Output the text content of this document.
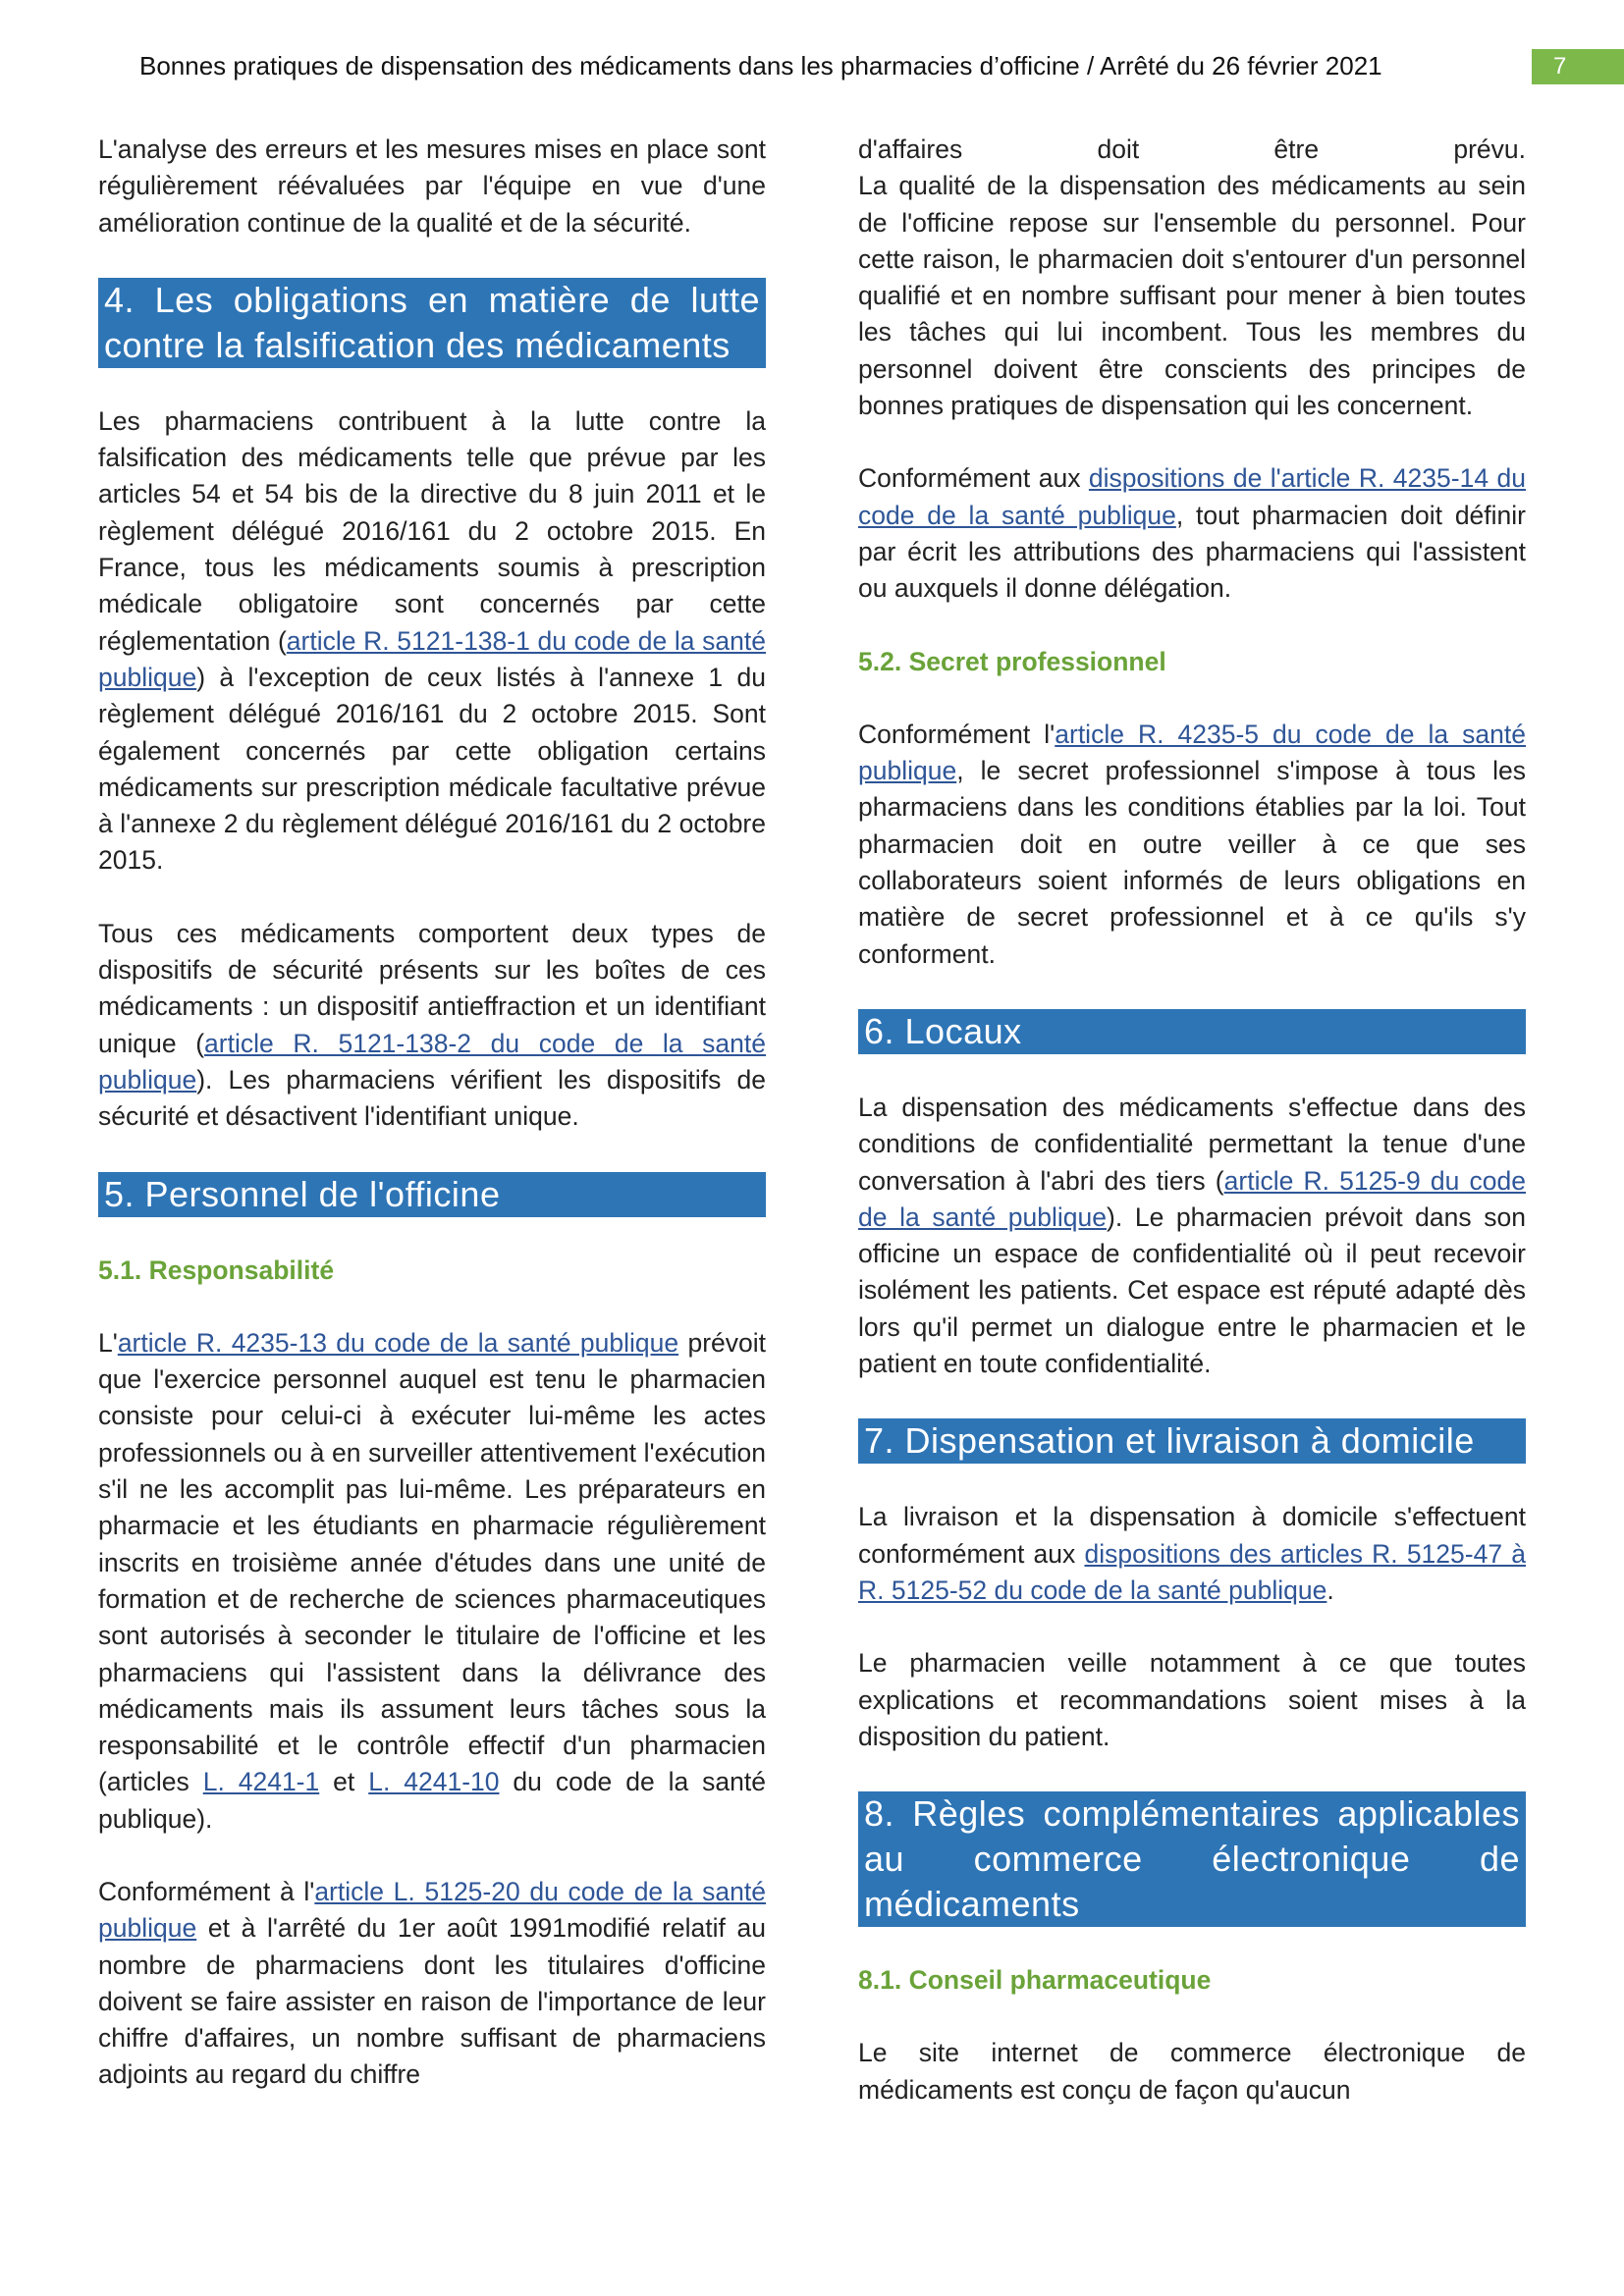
Bonnes pratiques de dispensation des médicaments dans les pharmacies d’officine / Arrêté du 26 février 2021	7

L'analyse des erreurs et les mesures mises en place sont régulièrement réévaluées par l'équipe en vue d'une amélioration continue de la qualité et de la sécurité.

4. Les obligations en matière de lutte contre la falsification des médicaments

Les pharmaciens contribuent à la lutte contre la falsification des médicaments telle que prévue par les articles 54 et 54 bis de la directive du 8 juin 2011 et le règlement délégué 2016/161 du 2 octobre 2015. En France, tous les médicaments soumis à prescription médicale obligatoire sont concernés par cette réglementation (article R. 5121-138-1 du code de la santé publique) à l'exception de ceux listés à l'annexe 1 du règlement délégué 2016/161 du 2 octobre 2015. Sont également concernés par cette obligation certains médicaments sur prescription médicale facultative prévue à l'annexe 2 du règlement délégué 2016/161 du 2 octobre 2015.

Tous ces médicaments comportent deux types de dispositifs de sécurité présents sur les boîtes de ces médicaments : un dispositif antieffraction et un identifiant unique (article R. 5121-138-2 du code de la santé publique). Les pharmaciens vérifient les dispositifs de sécurité et désactivent l'identifiant unique.

5. Personnel de l'officine
5.1. Responsabilité

L'article R. 4235-13 du code de la santé publique prévoit que l'exercice personnel auquel est tenu le pharmacien consiste pour celui-ci à exécuter lui-même les actes professionnels ou à en surveiller attentivement l'exécution s'il ne les accomplit pas lui-même. Les préparateurs en pharmacie et les étudiants en pharmacie régulièrement inscrits en troisième année d'études dans une unité de formation et de recherche de sciences pharmaceutiques sont autorisés à seconder le titulaire de l'officine et les pharmaciens qui l'assistent dans la délivrance des médicaments mais ils assument leurs tâches sous la responsabilité et le contrôle effectif d'un pharmacien (articles L. 4241-1 et L. 4241-10 du code de la santé publique).

Conformément à l'article L. 5125-20 du code de la santé publique et à l'arrêté du 1er août 1991modifié relatif au nombre de pharmaciens dont les titulaires d'officine doivent se faire assister en raison de l'importance de leur chiffre d'affaires, un nombre suffisant de pharmaciens adjoints au regard du chiffre

d'affaires doit être prévu.

La qualité de la dispensation des médicaments au sein de l'officine repose sur l'ensemble du personnel. Pour cette raison, le pharmacien doit s'entourer d'un personnel qualifié et en nombre suffisant pour mener à bien toutes les tâches qui lui incombent. Tous les membres du personnel doivent être conscients des principes de bonnes pratiques de dispensation qui les concernent.

Conformément aux dispositions de l'article R. 4235-14 du code de la santé publique, tout pharmacien doit définir par écrit les attributions des pharmaciens qui l'assistent ou auxquels il donne délégation.

5.2. Secret professionnel

Conformément l'article R. 4235-5 du code de la santé publique, le secret professionnel s'impose à tous les pharmaciens dans les conditions établies par la loi. Tout pharmacien doit en outre veiller à ce que ses collaborateurs soient informés de leurs obligations en matière de secret professionnel et à ce qu'ils s'y conforment.

6. Locaux

La dispensation des médicaments s'effectue dans des conditions de confidentialité permettant la tenue d'une conversation à l'abri des tiers (article R. 5125-9 du code de la santé publique). Le pharmacien prévoit dans son officine un espace de confidentialité où il peut recevoir isolément les patients. Cet espace est réputé adapté dès lors qu'il permet un dialogue entre le pharmacien et le patient en toute confidentialité.

7. Dispensation et livraison à domicile

La livraison et la dispensation à domicile s'effectuent conformément aux dispositions des articles R. 5125-47 à R. 5125-52 du code de la santé publique.

Le pharmacien veille notamment à ce que toutes explications et recommandations soient mises à la disposition du patient.

8. Règles complémentaires applicables au commerce électronique de médicaments
8.1. Conseil pharmaceutique

Le site internet de commerce électronique de médicaments est conçu de façon qu'aucun
